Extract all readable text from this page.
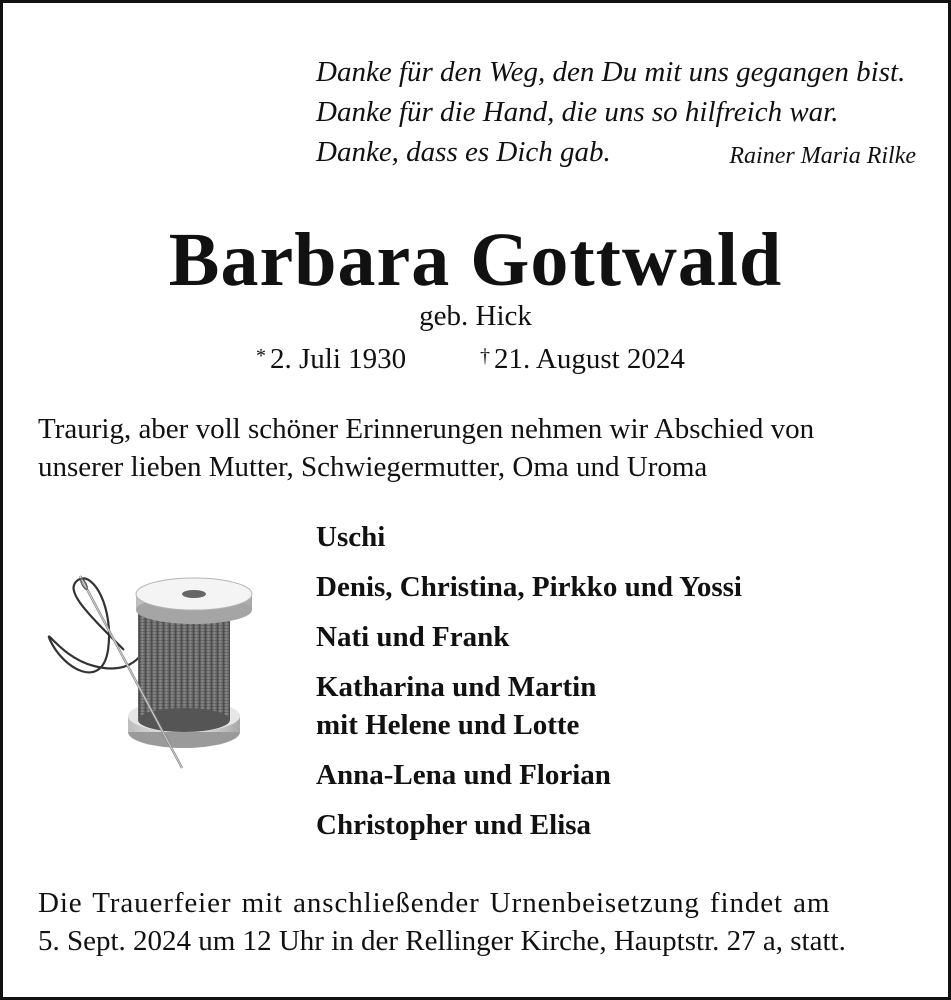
Danke für den Weg, den Du mit uns gegangen bist.
Danke für die Hand, die uns so hilfreich war.
Danke, dass es Dich gab.	Rainer Maria Rilke
Barbara Gottwald
geb. Hick
* 2. Juli 1930	† 21. August 2024
Traurig, aber voll schöner Erinnerungen nehmen wir Abschied von
unserer lieben Mutter, Schwiegermutter, Oma und Uroma
Uschi
Denis, Christina, Pirkko und Yossi
Nati und Frank
Katharina und Martin
mit Helene und Lotte
Anna-Lena und Florian
Christopher und Elisa
Die Trauerfeier mit anschließender Urnenbeisetzung findet am
5. Sept. 2024 um 12 Uhr in der Rellinger Kirche, Hauptstr. 27 a, statt.
